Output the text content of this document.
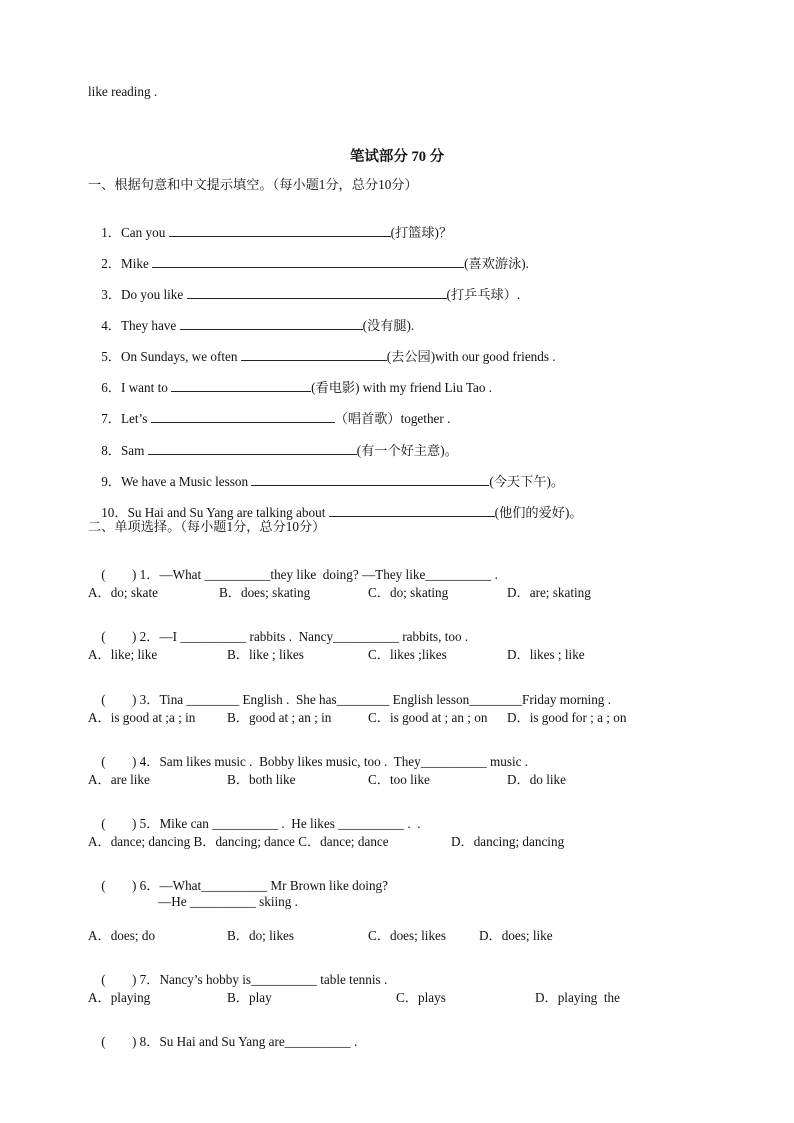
like reading .
笔试部分 70 分
一、根据句意和中文提示填空。（每小题1分，总分10分）

1．Can you	(打篮球)？

2．Mike	(喜欢游泳).

3．Do you like	(打乒乓球）.

4．They have	(没有腿).

5．On Sundays, we often	(去公园)with our good friends .

6．I want to	(看电影) with my friend Liu Tao .

7．Let’s	（唱首歌）together .

8．Sam	(有一个好主意)。

9．We have a Music lesson	(今天下午)。

10．Su Hai and Su Yang are talking about	(他们的爱好)。

二、单项选择。（每小题1分，总分10分）

(        ) 1．—What __________they like  doing? —They like__________ .

A．do; skate	B．does; skating	C．do; skating	D．are; skating

(        ) 2．—I __________ rabbits .  Nancy__________ rabbits, too .

A．like; like	B．like ; likes	C．likes ;likes	D．likes ; like

(        ) 3．Tina ________ English .  She has________ English lesson________Friday morning .

A．is good at ;a ; in B．good at ; an ; in	C．is good at ; an ; on D．is good for ; a ; on

(        ) 4．Sam likes music .  Bobby likes music, too .  They__________ music .

A．are like	B．both like	C．too like	D．do like

(        ) 5．Mike can __________ .  He likes __________ .  .

A．dance; dancing B．dancing; dance C．dance; dance	D．dancing; dancing

(        ) 6．—What__________ Mr Brown like doing?

—He __________ skiing .
A．does; do	B．do; likes	C．does; likes D．does; like

(        ) 7．Nancy’s hobby is__________ table tennis .

A．playing	B．play	C．plays	D．playing  the

(        ) 8．Su Hai and Su Yang are__________ .
